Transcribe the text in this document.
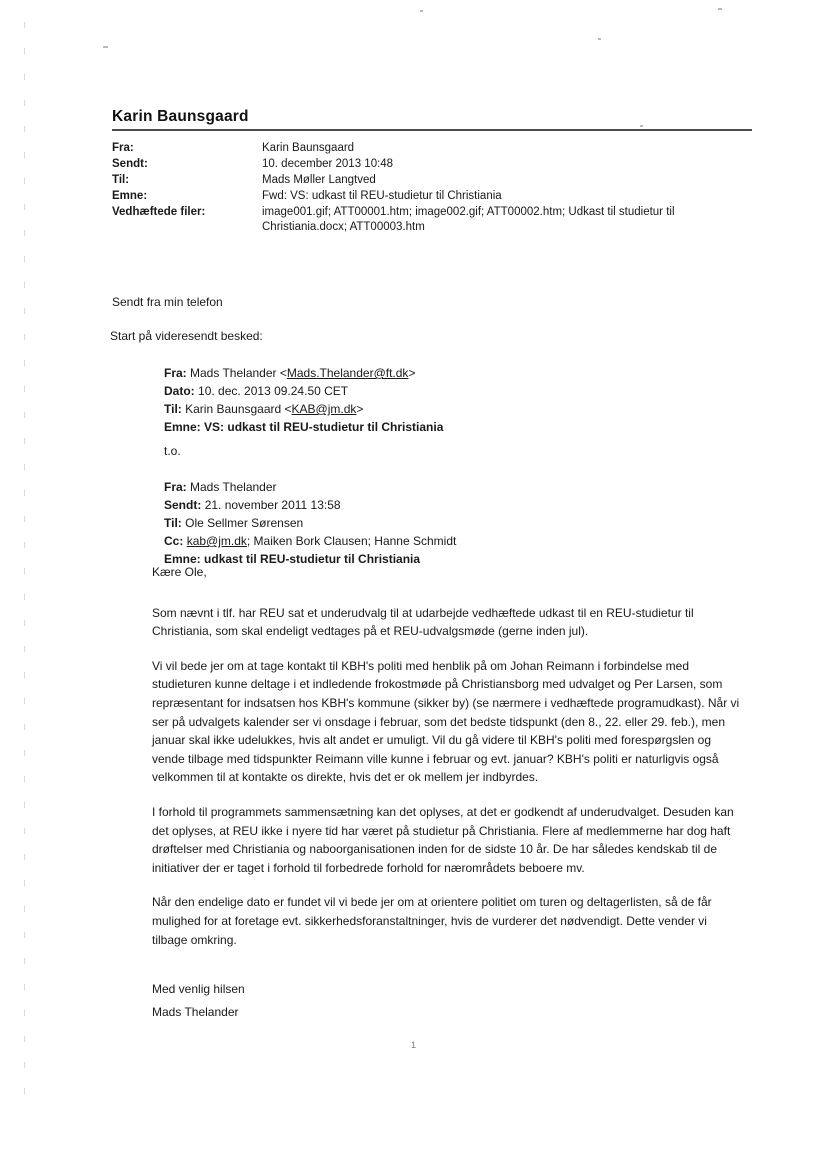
Karin Baunsgaard
Fra:	Karin Baunsgaard
Sendt:	10. december 2013 10:48
Til:	Mads Møller Langtved
Emne:	Fwd: VS: udkast til REU-studietur til Christiania
Vedhæftede filer:	image001.gif; ATT00001.htm; image002.gif; ATT00002.htm; Udkast til studietur til Christiania.docx; ATT00003.htm
Sendt fra min telefon
Start på videresendt besked:
Fra: Mads Thelander <Mads.Thelander@ft.dk>
Dato: 10. dec. 2013 09.24.50 CET
Til: Karin Baunsgaard <KAB@jm.dk>
Emne: VS: udkast til REU-studietur til Christiania
t.o.
Fra: Mads Thelander
Sendt: 21. november 2011 13:58
Til: Ole Sellmer Sørensen
Cc: kab@jm.dk; Maiken Bork Clausen; Hanne Schmidt
Emne: udkast til REU-studietur til Christiania

Kære Ole,

Som nævnt i tlf. har REU sat et underudvalg til at udarbejde vedhæftede udkast til en REU-studietur til Christiania, som skal endeligt vedtages på et REU-udvalgsmøde (gerne inden jul).

Vi vil bede jer om at tage kontakt til KBH's politi med henblik på om Johan Reimann i forbindelse med studieturen kunne deltage i et indledende frokostmøde på Christiansborg med udvalget og Per Larsen, som repræsentant for indsatsen hos KBH's kommune (sikker by) (se nærmere i vedhæftede programudkast). Når vi ser på udvalgets kalender ser vi onsdage i februar, som det bedste tidspunkt (den 8., 22. eller 29. feb.), men januar skal ikke udelukkes, hvis alt andet er umuligt. Vil du gå videre til KBH's politi med forespørgslen og vende tilbage med tidspunkter Reimann ville kunne i februar og evt. januar? KBH's politi er naturligvis også velkommen til at kontakte os direkte, hvis det er ok mellem jer indbyrdes.

I forhold til programmets sammensætning kan det oplyses, at det er godkendt af underudvalget. Desuden kan det oplyses, at REU ikke i nyere tid har været på studietur på Christiania. Flere af medlemmerne har dog haft drøftelser med Christiania og naboorganisationen inden for de sidste 10 år. De har således kendskab til de initiativer der er taget i forhold til forbedrede forhold for nærområdets beboere mv.

Når den endelige dato er fundet vil vi bede jer om at orientere politiet om turen og deltagerlisten, så de får mulighed for at foretage evt. sikkerhedsforanstaltninger, hvis de vurderer det nødvendigt. Dette vender vi tilbage omkring.

Med venlig hilsen
Mads Thelander
1
